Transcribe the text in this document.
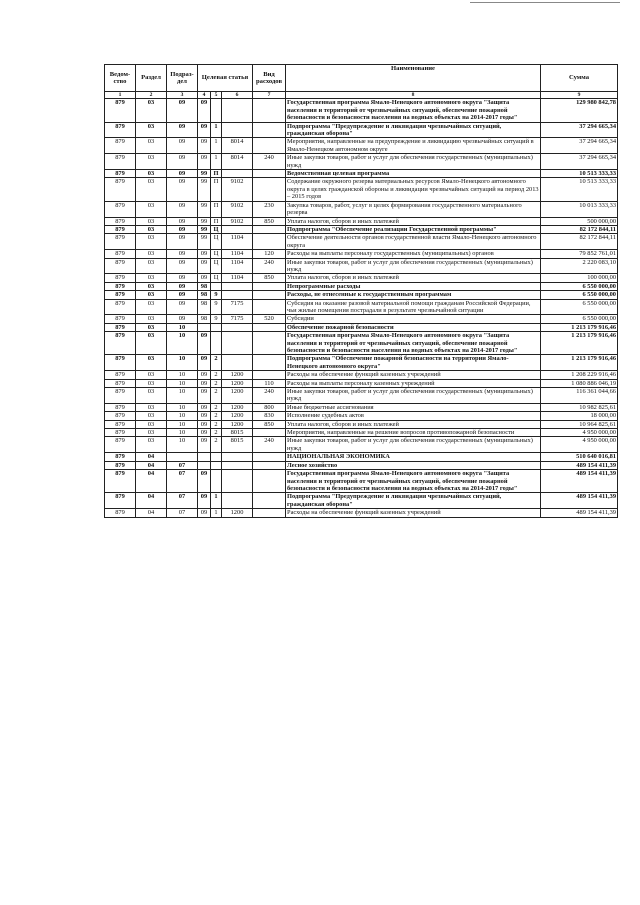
Ведом-ство	Раздел	Подраз-дел	Целевая статья			Вид расходов	Наименование	Сумма
1	2	3	4	5	6	7	8	9
879	03	09	09				Государственная программа Ямало-Ненецкого автономного округа "Защита населения и территорий от чрезвычайных ситуаций, обеспечение пожарной безопасности и безопасности населения на водных объектах на 2014-2017 годы"	129 980 842,78
879	03	09	09	1			Подпрограмма "Предупреждение и ликвидация чрезвычайных ситуаций, гражданская оборона"	37 294 665,34
879	03	09	09	1	8014		Мероприятия, направленные на предупреждение и ликвидацию чрезвычайных ситуаций в Ямало-Ненецком автономном округе	37 294 665,34
879	03	09	09	1	8014	240	Иные закупки товаров, работ и услуг для обеспечения государственных (муниципальных) нужд	37 294 665,34
879	03	09	99	П			Ведомственная целевая программа	10 513 333,33
879	03	09	99	П	9102		Содержание окружного резерва материальных ресурсов Ямало-Ненецкого автономного округа в целях гражданской обороны и ликвидации чрезвычайных ситуаций на период 2013 – 2015 годов	10 513 333,33
879	03	09	99	П	9102	230	Закупка товаров, работ, услуг в целях формирования государственного материального резерва	10 013 333,33
879	03	09	99	П	9102	850	Уплата налогов, сборов и иных платежей	500 000,00
879	03	09	99	Ц			Подпрограмма "Обеспечение реализации Государственной программы"	82 172 844,11
879	03	09	99	Ц	1104		Обеспечение деятельности органов государственной власти Ямало-Ненецкого автономного округа	82 172 844,11
879	03	09	09	Ц	1104	120	Расходы на выплаты персоналу государственных (муниципальных) органов	79 852 761,01
879	03	09	09	Ц	1104	240	Иные закупки товаров, работ и услуг для обеспечения государственных (муниципальных) нужд	2 220 083,10
879	03	09	09	Ц	1104	850	Уплата налогов, сборов и иных платежей	100 000,00
879	03	09	98				Непрограммные расходы	6 550 000,00
879	03	09	98	9			Расходы, не отнесенные к государственным программам	6 550 000,00
879	03	09	98	9	7175		Субсидия на оказание разовой материальной помощи гражданам Российской Федерации, чьи жилые помещения пострадали в результате чрезвычайной ситуации	6 550 000,00
879	03	09	98	9	7175	520	Субсидии	6 550 000,00
879	03	10					Обеспечение пожарной безопасности	1 213 179 916,46
879	03	10	09				Государственная программа Ямало-Ненецкого автономного округа "Защита населения и территорий от чрезвычайных ситуаций, обеспечение пожарной безопасности и безопасности населения на водных объектах на 2014-2017 годы"	1 213 179 916,46
879	03	10	09	2			Подпрограмма "Обеспечение пожарной безопасности на территории Ямало-Ненецкого автономного округа"	1 213 179 916,46
879	03	10	09	2	1200		Расходы на обеспечение функций казенных учреждений	1 208 229 916,46
879	03	10	09	2	1200	110	Расходы на выплаты персоналу казенных учреждений	1 080 886 046,19
879	03	10	09	2	1200	240	Иные закупки товаров, работ и услуг для обеспечения государственных (муниципальных) нужд	116 361 044,66
879	03	10	09	2	1200	800	Иные бюджетные ассигнования	10 982 825,61
879	03	10	09	2	1200	830	Исполнение судебных актов	18 000,00
879	03	10	09	2	1200	850	Уплата налогов, сборов и иных платежей	10 964 825,61
879	03	10	09	2	8015		Мероприятия, направленные на решение вопросов противопожарной безопасности	4 950 000,00
879	03	10	09	2	8015	240	Иные закупки товаров, работ и услуг для обеспечения государственных (муниципальных) нужд	4 950 000,00
879	04						НАЦИОНАЛЬНАЯ ЭКОНОМИКА	510 640 016,81
879	04	07					Лесное хозяйство	489 154 411,39
879	04	07	09				Государственная программа Ямало-Ненецкого автономного округа "Защита населения и территорий от чрезвычайных ситуаций, обеспечение пожарной безопасности и безопасности населения на водных объектах на 2014-2017 годы"	489 154 411,39
879	04	07	09	1			Подпрограмма "Предупреждение и ликвидация чрезвычайных ситуаций, гражданская оборона"	489 154 411,39
879	04	07	09	1	1200		Расходы на обеспечение функций казенных учреждений	489 154 411,39
